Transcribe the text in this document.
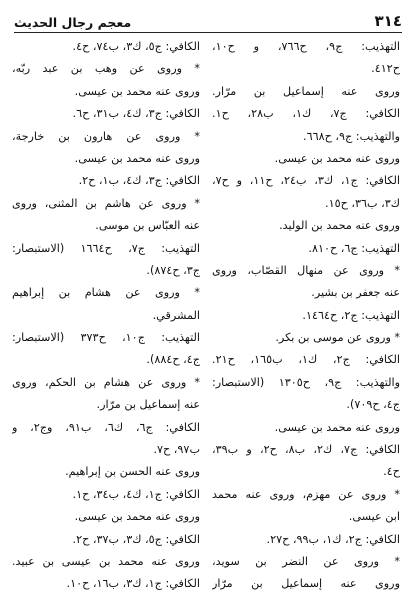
٣١٤
معجم رجال الحديث
التهذيب: ج٩، ح٧٦٦، و ح١٠،
ح٤١٢.
وروى عنه إسماعيل بن مرّار.
الكافي: ج٧، ك١، ب٢٨، ح١.
والتهذيب: ج٩، ح٦٦٨.
وروى عنه محمد بن عيسى.
الكافي: ج١، ك٣، ب٢٤، ح١١، و ح٧،
ك٣، ب٣٦، ح١٥.
وروى عنه محمد بن الوليد.
التهذيب: ج٦، ح٨١٠.
* وروى عن منهال القصّاب، وروى
عنه جعفر بن بشير.
التهذيب: ج٢، ح١٤٦٤.
* وروى عن موسى بن بكر.
الكافي: ج٢، ك١، ب١٦٥، ح٢١.
والتهذيب: ج٩، ح١٣٠٥ (الاستبصار:
ج٤، ح٧٠٩).
وروى عنه محمد بن عيسى.
الكافي: ج٧، ك٢، ب٨، ح٢، و ب٣٩،
ح٤.
* وروى عن مهزم، وروى عنه محمد
ابن عيسى.
الكافي: ج٢، ك١، ب٩٩، ح٢٧.
* وروى عن النضر بن سويد،
وروى عنه إسماعيل بن مرّار
الكافي: ج٥، ك٣، ب٧٤، ح٤.
* وروى عن وهب بن عبد ربّه،
وروى عنه محمد بن عيسى.
الكافي: ج٣، ك٤، ب٣١، ح٦.
* وروى عن هارون بن خارجة،
وروى عنه محمد بن عيسى.
الكافي: ج٣، ك٤، ب١، ح٢.
* وروى عن هاشم بن المثنى، وروى
عنه العبّاس بن موسى.
التهذيب: ج٧، ح١٦٦٤ (الاستبصار:
ج٣، ح٨٧٤).
* وروى عن هشام بن إبراهيم
المشرقي.
التهذيب: ج١٠، ح٣٧٣ (الاستبصار:
ج٤، ح٨٨٤).
* وروى عن هشام بن الحكم، وروى
عنه إسماعيل بن مرّار.
الكافي: ج٦، ك٦، ب٩١، وج٢، و
ب٩٧، ح٧.
وروى عنه الحسن بن إبراهيم.
الكافي: ج١، ك٤، ب٣٤، ح١.
وروى عنه محمد بن عيسى.
الكافي: ج٥، ك٣، ب٣٧، ح٢.
وروى عنه محمد بن عيسى بن عبيد.
الكافي: ج١، ك٣، ب١٦، ح١٠.
